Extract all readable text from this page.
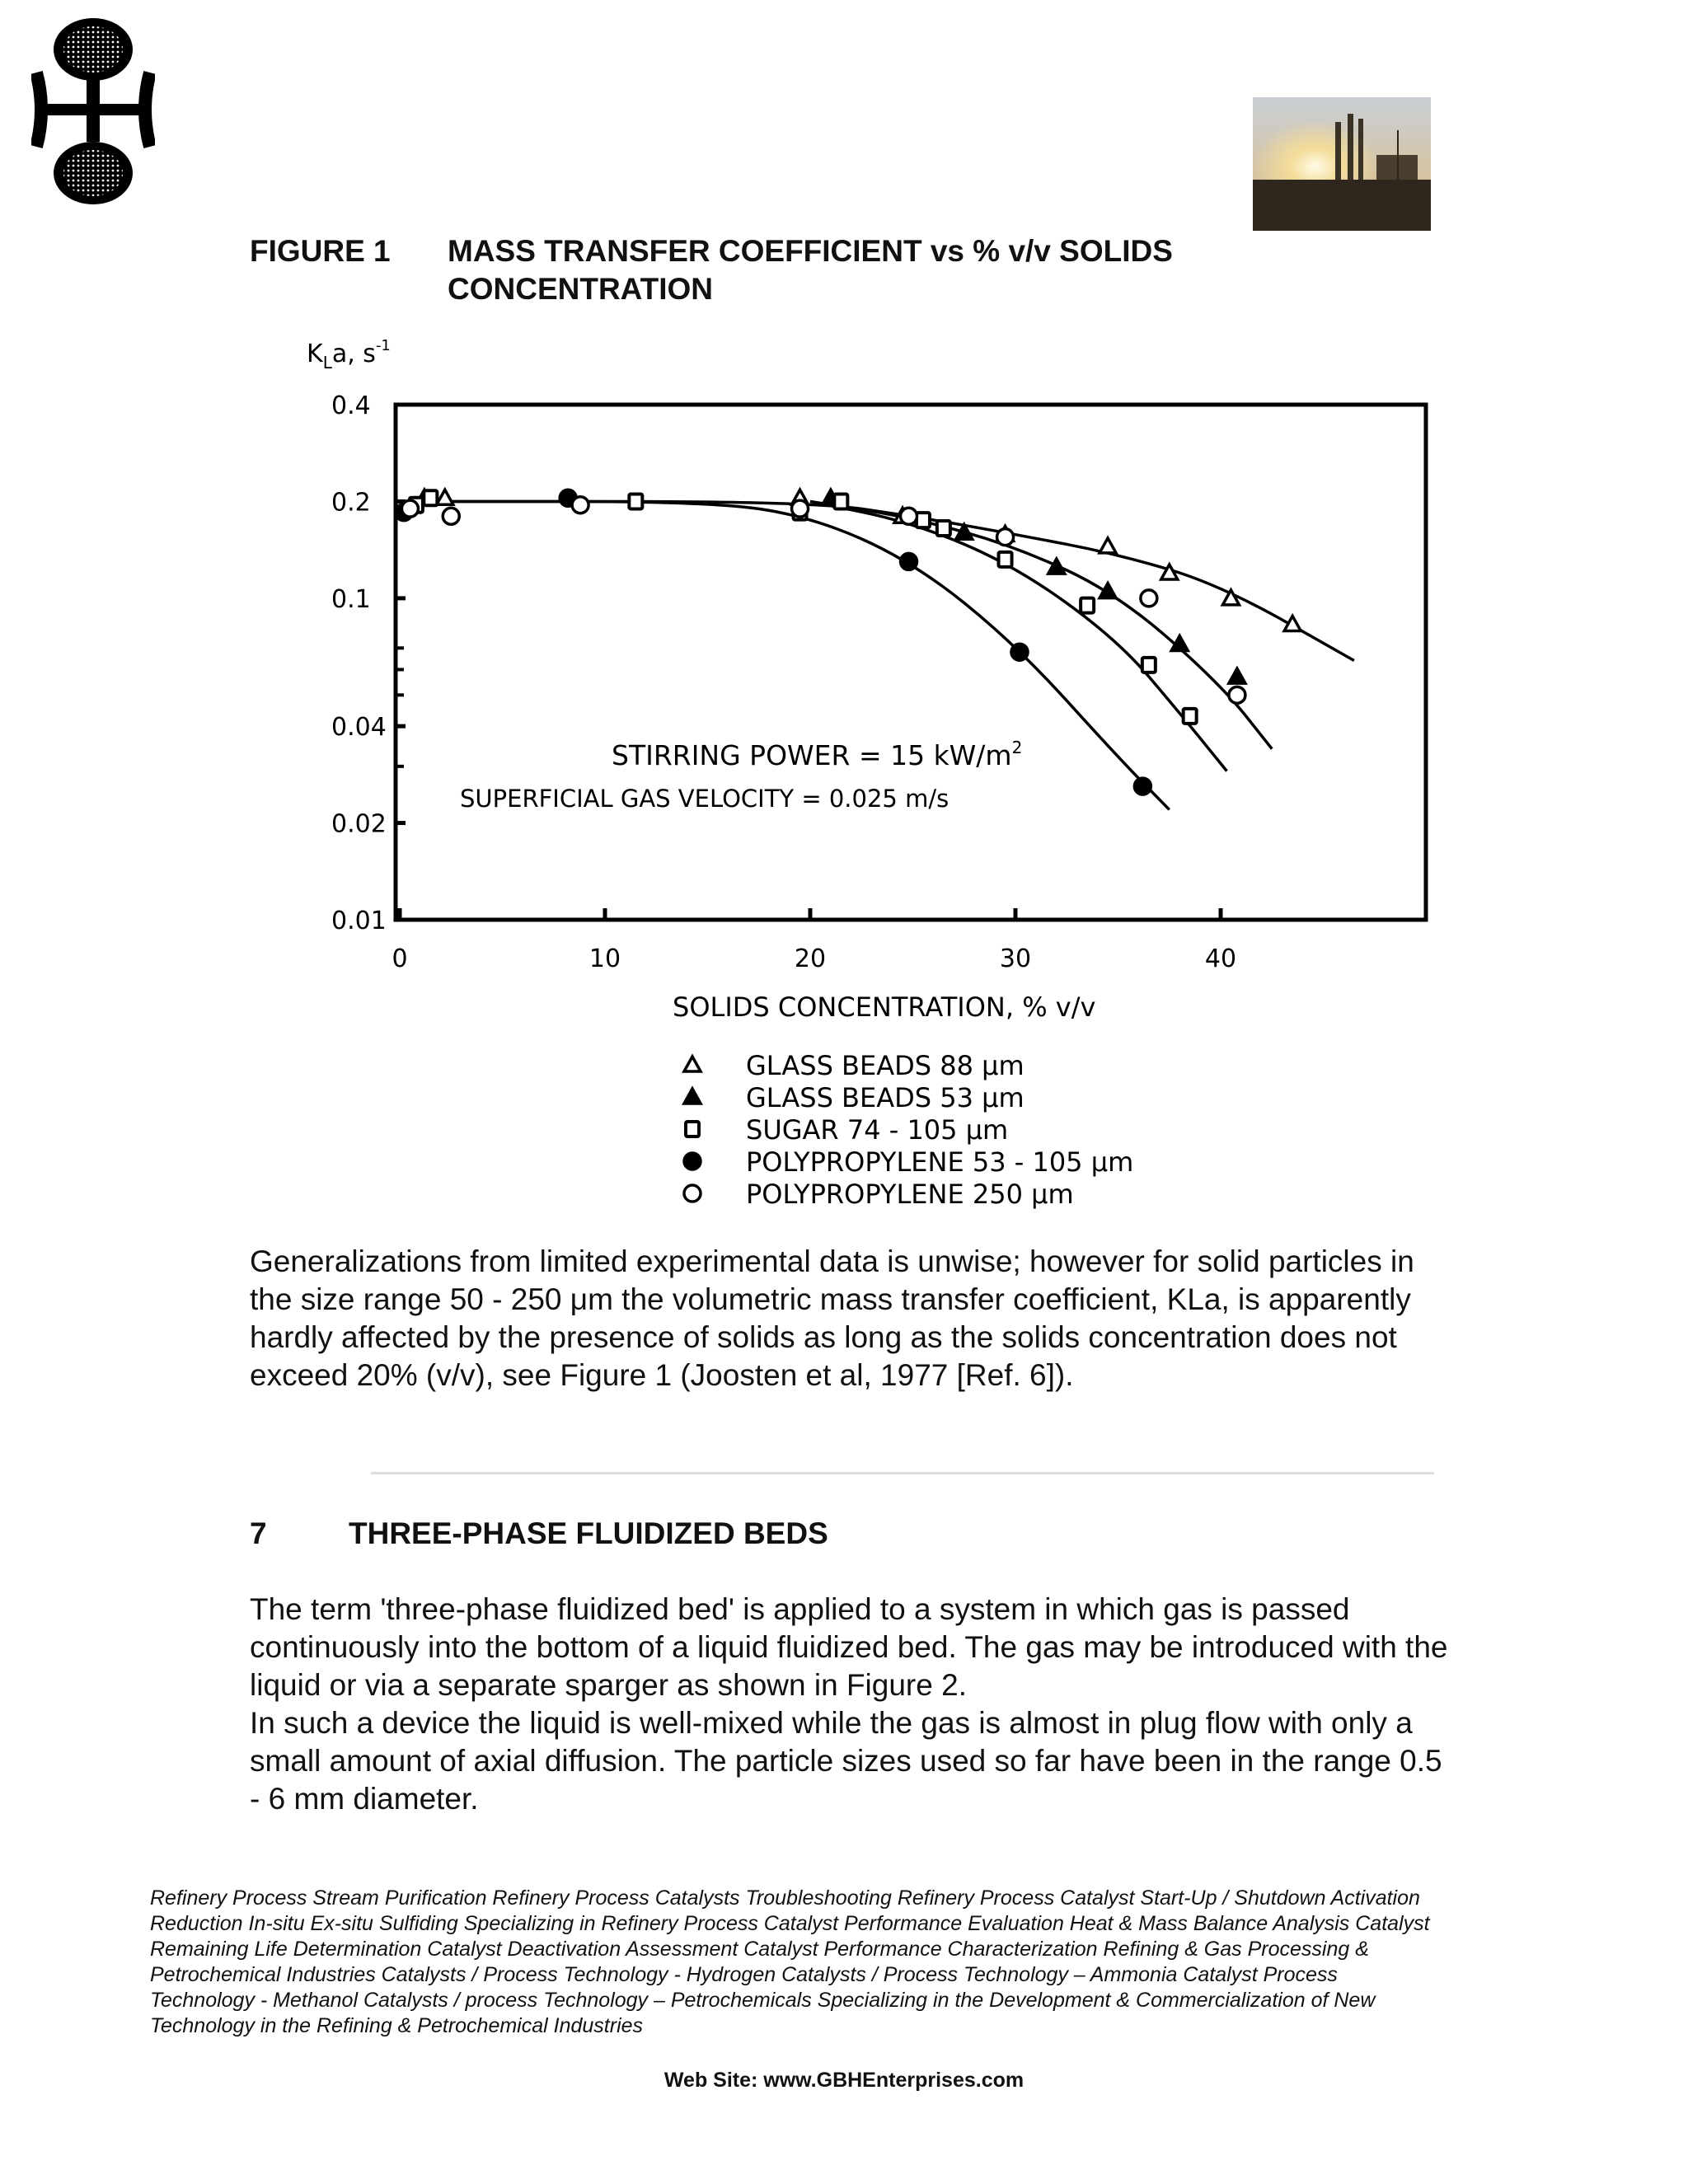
FIGURE 1 MASS TRANSFER COEFFICIENT vs % v/v SOLIDS CONCENTRATION
$K_La$, $s^{-1}$
0.4
0.2
0.1
0.04
0.02
0.01
0	10	20	30	40
STIRRING POWER = 15 $kW/m^2$
SUPERFICIAL GAS VELOCITY = 0.025 m/s
SOLIDS CONCENTRATION, % v/v
GLASS BEADS 88 μm
GLASS BEADS 53 μm
SUGAR 74 - 105 μm
POLYPROPYLENE 53 - 105 μm
POLYPROPYLENE 250 μm

Generalizations from limited experimental data is unwise; however for solid particles in the size range 50 - 250 μm the volumetric mass transfer coefficient, KLa, is apparently hardly affected by the presence of solids as long as the solids concentration does not exceed 20% (v/v), see Figure 1 (Joosten et al, 1977 [Ref. 6]).

7	THREE-PHASE FLUIDIZED BEDS

The term 'three-phase fluidized bed' is applied to a system in which gas is passed continuously into the bottom of a liquid fluidized bed. The gas may be introduced with the liquid or via a separate sparger as shown in Figure 2.

In such a device the liquid is well-mixed while the gas is almost in plug flow with only a small amount of axial diffusion. The particle sizes used so far have been in the range 0.5 - 6 mm diameter.

Refinery Process Stream Purification Refinery Process Catalysts Troubleshooting Refinery Process Catalyst Start-Up / Shutdown Activation Reduction In-situ Ex-situ Sulfiding Specializing in Refinery Process Catalyst Performance Evaluation Heat & Mass Balance Analysis Catalyst Remaining Life Determination Catalyst Deactivation Assessment Catalyst Performance Characterization Refining & Gas Processing & Petrochemical Industries Catalysts / Process Technology - Hydrogen Catalysts / Process Technology – Ammonia Catalyst Process Technology - Methanol Catalysts / process Technology – Petrochemicals Specializing in the Development & Commercialization of New Technology in the Refining & Petrochemical Industries

Web Site: www.GBHEnterprises.com
